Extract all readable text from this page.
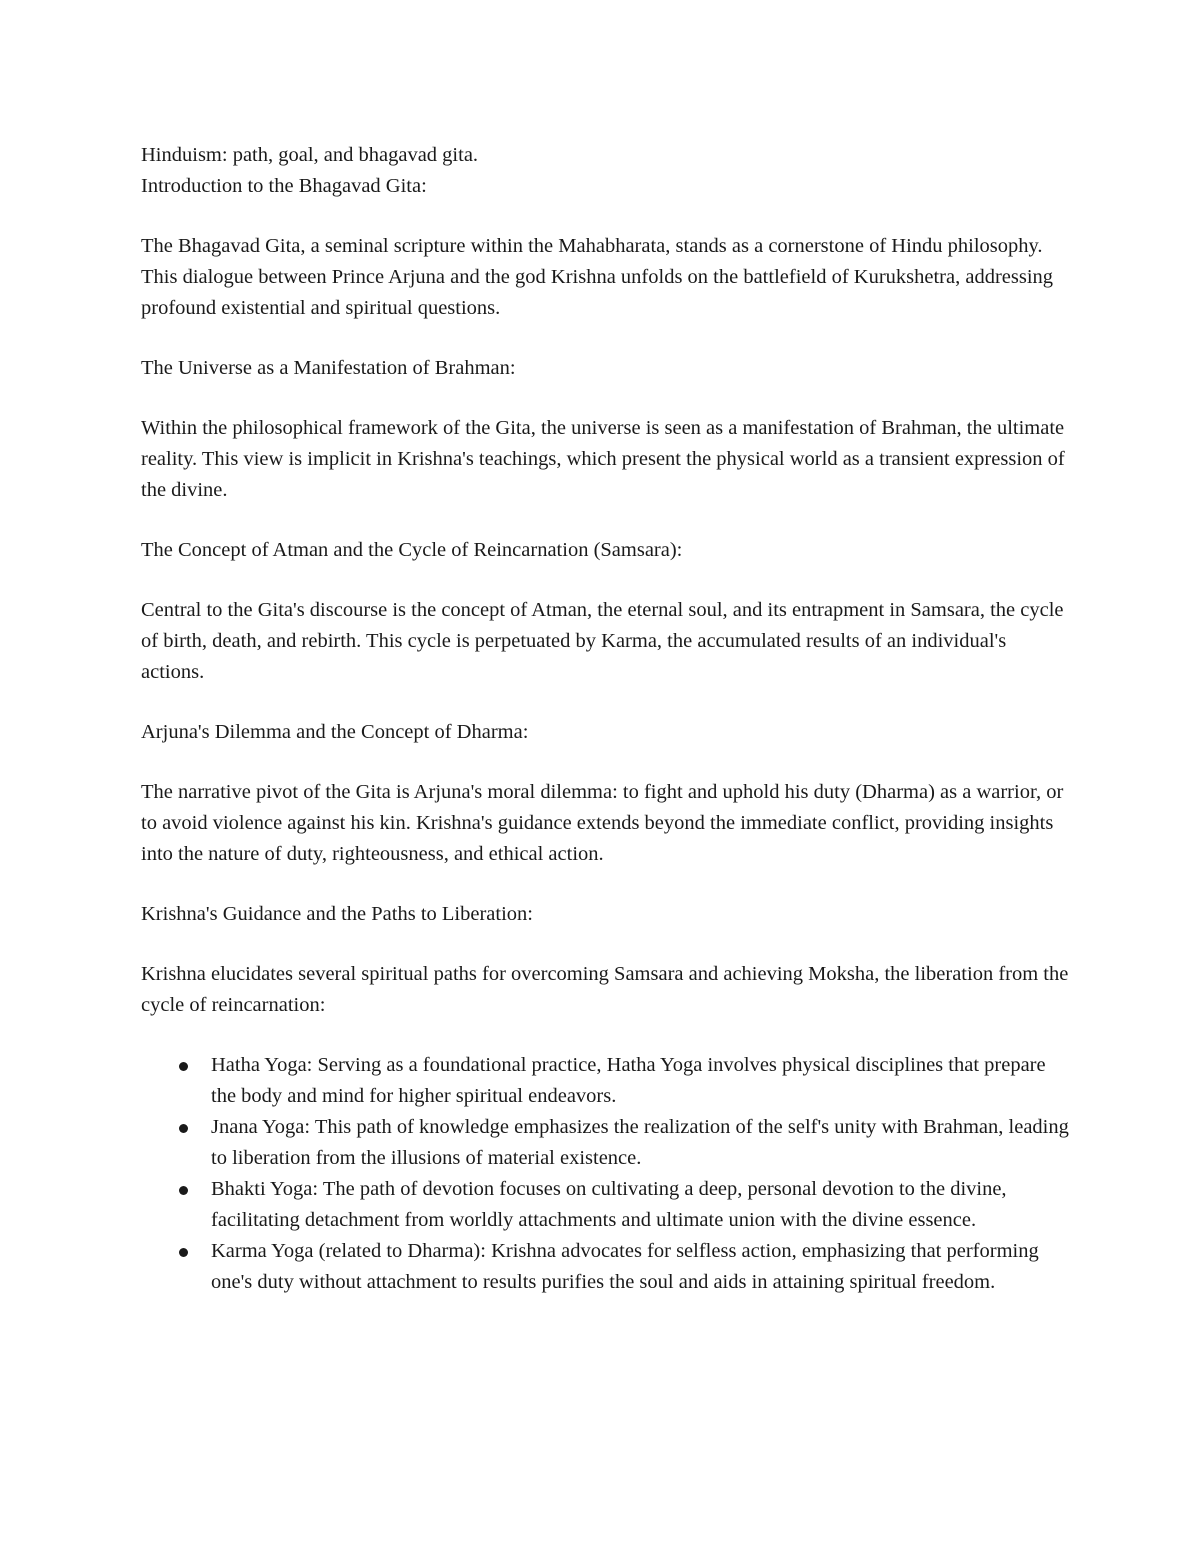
Hinduism: path, goal, and bhagavad gita.

Introduction to the Bhagavad Gita:

The Bhagavad Gita, a seminal scripture within the Mahabharata, stands as a cornerstone of Hindu philosophy. This dialogue between Prince Arjuna and the god Krishna unfolds on the battlefield of Kurukshetra, addressing profound existential and spiritual questions.

The Universe as a Manifestation of Brahman:

Within the philosophical framework of the Gita, the universe is seen as a manifestation of Brahman, the ultimate reality. This view is implicit in Krishna's teachings, which present the physical world as a transient expression of the divine.

The Concept of Atman and the Cycle of Reincarnation (Samsara):

Central to the Gita's discourse is the concept of Atman, the eternal soul, and its entrapment in Samsara, the cycle of birth, death, and rebirth. This cycle is perpetuated by Karma, the accumulated results of an individual's actions.

Arjuna's Dilemma and the Concept of Dharma:

The narrative pivot of the Gita is Arjuna's moral dilemma: to fight and uphold his duty (Dharma) as a warrior, or to avoid violence against his kin. Krishna's guidance extends beyond the immediate conflict, providing insights into the nature of duty, righteousness, and ethical action.

Krishna's Guidance and the Paths to Liberation:

Krishna elucidates several spiritual paths for overcoming Samsara and achieving Moksha, the liberation from the cycle of reincarnation:

Hatha Yoga: Serving as a foundational practice, Hatha Yoga involves physical disciplines that prepare the body and mind for higher spiritual endeavors.
Jnana Yoga: This path of knowledge emphasizes the realization of the self's unity with Brahman, leading to liberation from the illusions of material existence.
Bhakti Yoga: The path of devotion focuses on cultivating a deep, personal devotion to the divine, facilitating detachment from worldly attachments and ultimate union with the divine essence.
Karma Yoga (related to Dharma): Krishna advocates for selfless action, emphasizing that performing one's duty without attachment to results purifies the soul and aids in attaining spiritual freedom.
